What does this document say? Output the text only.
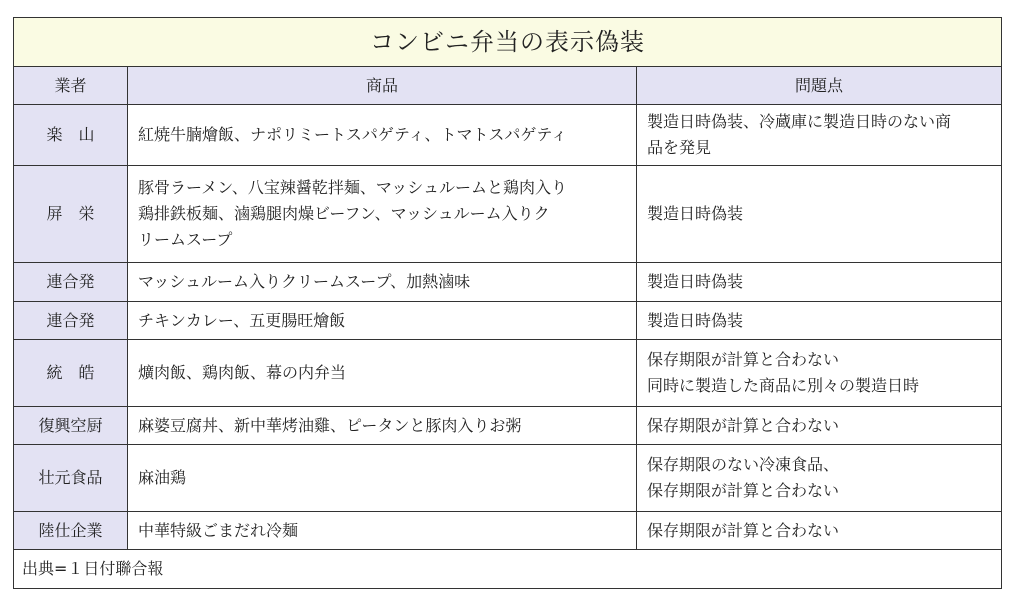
コンビニ弁当の表示偽装		
業者	商品	問題点
楽　山	紅焼牛腩燴飯、ナポリミートスパゲティ、トマトスパゲティ	製造日時偽装、冷蔵庫に製造日時のない商
品を発見

屏　栄	豚骨ラーメン、八宝辣醤乾拌麺、マッシュルームと鶏肉入り
鶏排鉄板麺、滷鶏腿肉燥ビーフン、マッシュルーム入りク
リームスープ	製造日時偽装

連合発	マッシュルーム入りクリームスープ、加熱滷味	製造日時偽装

連合発	チキンカレー、五更腸旺燴飯	製造日時偽装

統　皓	爌肉飯、鶏肉飯、幕の内弁当	保存期限が計算と合わない
同時に製造した商品に別々の製造日時

復興空厨	麻婆豆腐丼、新中華烤油雞、ピータンと豚肉入りお粥	保存期限が計算と合わない

壮元食品	麻油鶏	保存期限のない冷凍食品、
保存期限が計算と合わない

陸仕企業	中華特級ごまだれ冷麺	保存期限が計算と合わない

出典=１日付聯合報		
